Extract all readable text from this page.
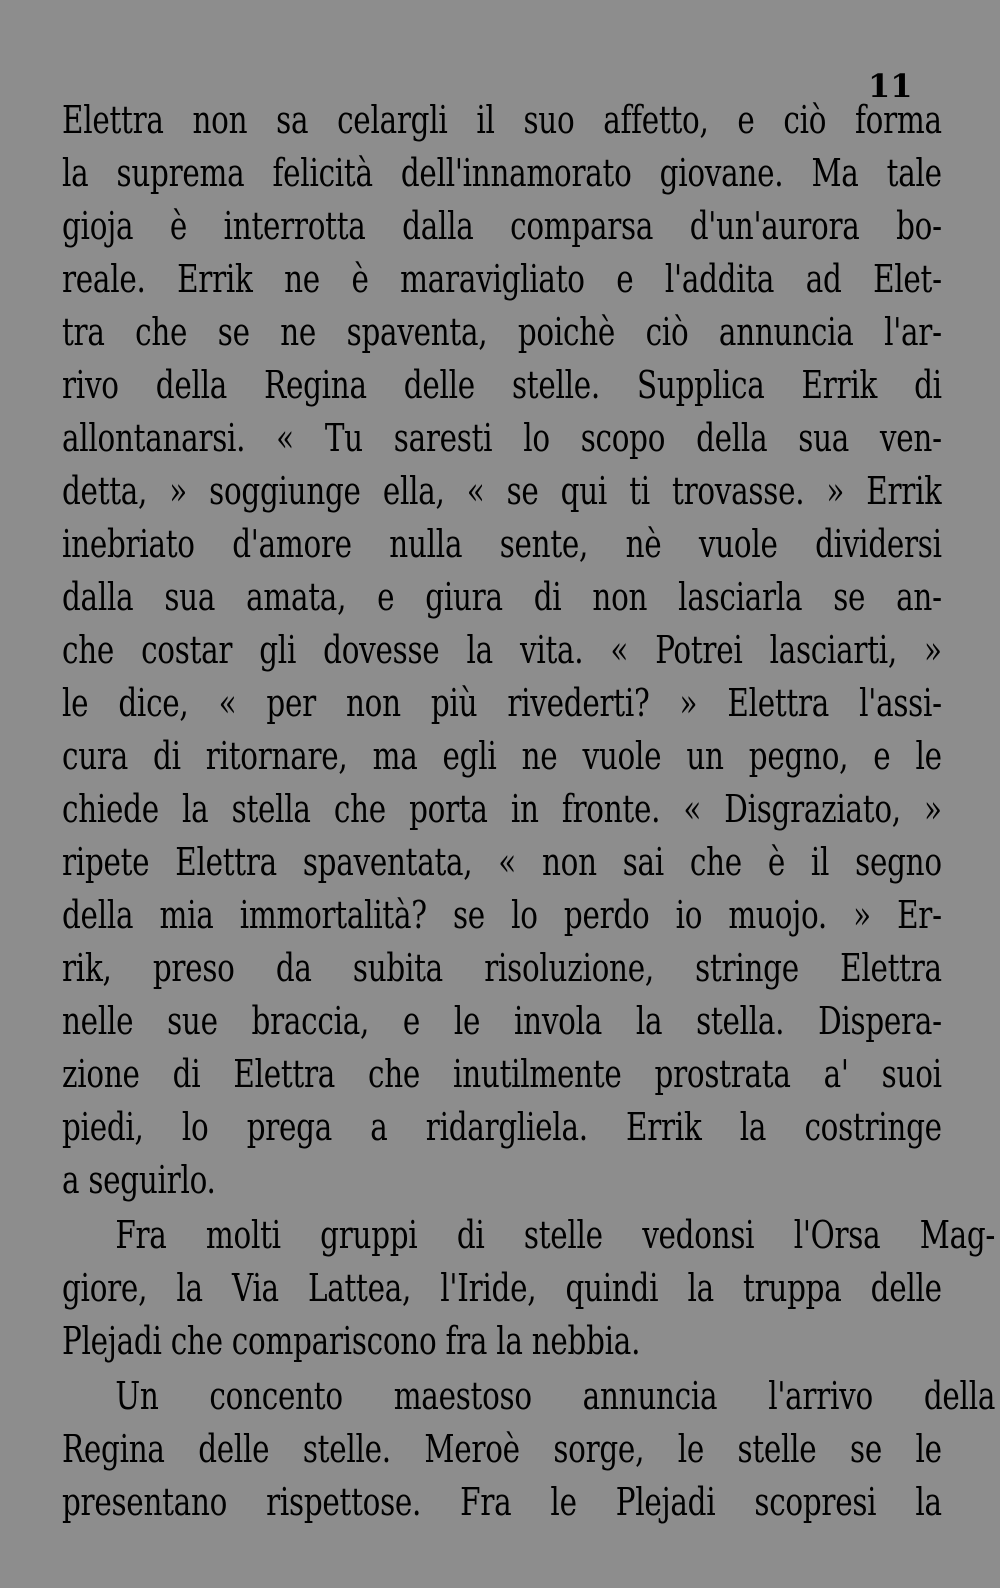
11
Elettra non sa celargli il suo affetto, e ciò forma
la suprema felicità dell'innamorato giovane. Ma tale
gioja è interrotta dalla comparsa d'un'aurora bo-
reale. Errik ne è maravigliato e l'addita ad Elet-
tra che se ne spaventa, poichè ciò annuncia l'ar-
rivo della Regina delle stelle. Supplica Errik di
allontanarsi. « Tu saresti lo scopo della sua ven-
detta, » soggiunge ella, « se qui ti trovasse. » Errik
inebriato d'amore nulla sente, nè vuole dividersi
dalla sua amata, e giura di non lasciarla se an-
che costar gli dovesse la vita. « Potrei lasciarti, »
le dice, « per non più rivederti? » Elettra l'assi-
cura di ritornare, ma egli ne vuole un pegno, e le
chiede la stella che porta in fronte. « Disgraziato, »
ripete Elettra spaventata, « non sai che è il segno
della mia immortalità? se lo perdo io muojo. » Er-
rik, preso da subita risoluzione, stringe Elettra
nelle sue braccia, e le invola la stella. Dispera-
zione di Elettra che inutilmente prostrata a' suoi
piedi, lo prega a ridargliela. Errik la costringe
a seguirlo.
Fra molti gruppi di stelle vedonsi l'Orsa Mag-
giore, la Via Lattea, l'Iride, quindi la truppa delle
Plejadi che compariscono fra la nebbia.
Un concento maestoso annuncia l'arrivo della
Regina delle stelle. Meroè sorge, le stelle se le
presentano rispettose. Fra le Plejadi scopresi la
